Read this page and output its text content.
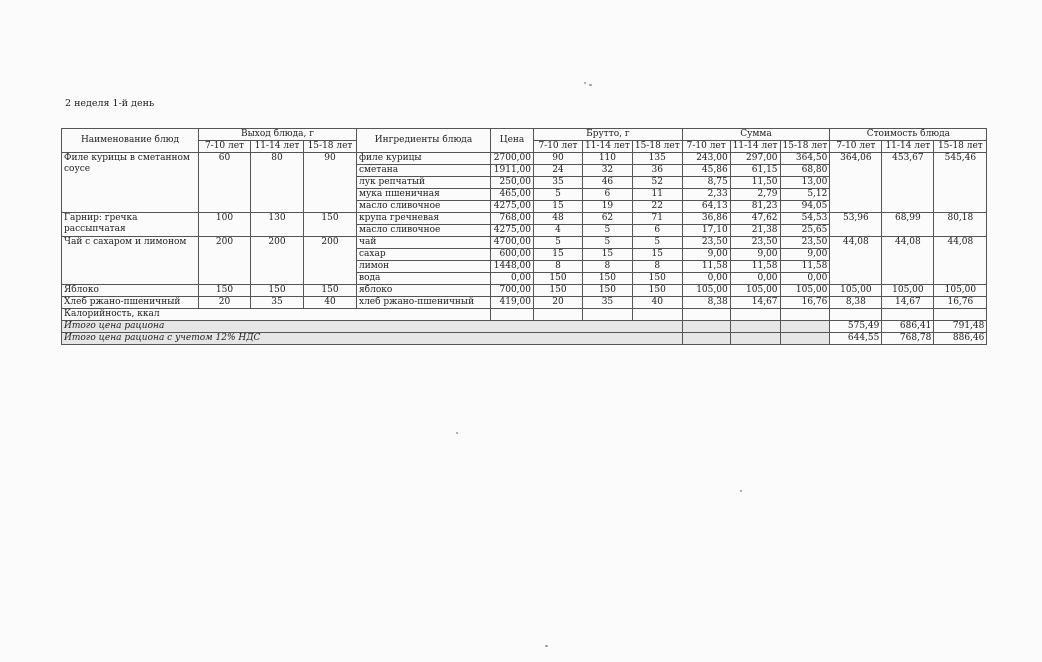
2 неделя 1-й день
Наименование блюд	Выход блюда, г			Ингредиенты блюда	Цена	Брутто, г			Сумма			Стоимость блюда		
	7-10 лет	11-14 лет	15-18 лет			7-10 лет	11-14 лет	15-18 лет	7-10 лет	11-14 лет	15-18 лет	7-10 лет	11-14 лет	15-18 лет
Филе курицы в сметанном соусе	60	80	90	филе курицы	2700,00	90	110	135	243,00	297,00	364,50	364,06	453,67	545,46
				сметана	1911,00	24	32	36	45,86	61,15	68,80			
				лук репчатый	250,00	35	46	52	8,75	11,50	13,00			
				мука пшеничная	465,00	5	6	11	2,33	2,79	5,12			
				масло сливочное	4275,00	15	19	22	64,13	81,23	94,05			
Гарнир: гречка рассыпчатая	100	130	150	крупа гречневая	768,00	48	62	71	36,86	47,62	54,53	53,96	68,99	80,18
				масло сливочное	4275,00	4	5	6	17,10	21,38	25,65			
Чай с сахаром и лимоном	200	200	200	чай	4700,00	5	5	5	23,50	23,50	23,50	44,08	44,08	44,08
				сахар	600,00	15	15	15	9,00	9,00	9,00			
				лимон	1448,00	8	8	8	11,58	11,58	11,58			
				вода	0,00	150	150	150	0,00	0,00	0,00			
Яблоко	150	150	150	яблоко	700,00	150	150	150	105,00	105,00	105,00	105,00	105,00	105,00
Хлеб ржано-пшеничный	20	35	40	хлеб ржано-пшеничный	419,00	20	35	40	8,38	14,67	16,76	8,38	14,67	16,76
Калорийность, ккал														
Итого цена рациона												575,49	686,41	791,48
Итого цена рациона с учетом 12% НДС												644,55	768,78	886,46
